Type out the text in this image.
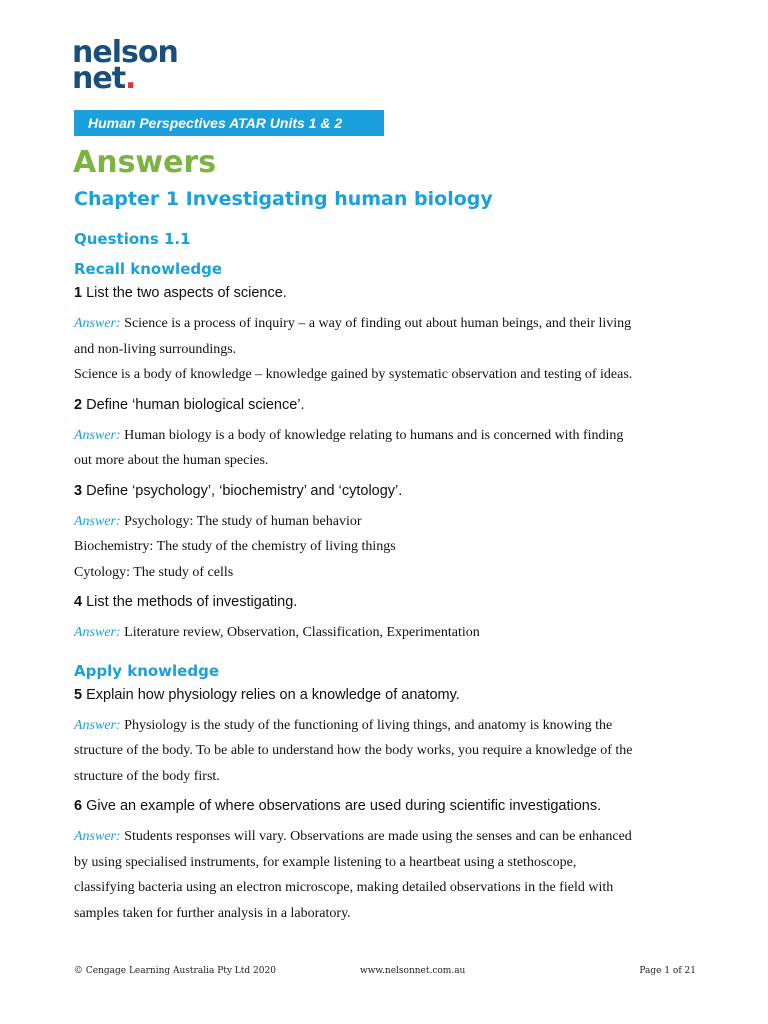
nelson
net.
Human Perspectives ATAR Units 1 & 2
Answers
Chapter 1 Investigating human biology
Questions 1.1
Recall knowledge

1 List the two aspects of science.

Answer: Science is a process of inquiry – a way of finding out about human beings, and their living
and non-living surroundings.
Science is a body of knowledge – knowledge gained by systematic observation and testing of ideas.

2 Define ‘human biological science’.

Answer: Human biology is a body of knowledge relating to humans and is concerned with finding
out more about the human species.

3 Define ‘psychology’, ‘biochemistry’ and ‘cytology’.

Answer: Psychology: The study of human behavior
Biochemistry: The study of the chemistry of living things
Cytology: The study of cells

4 List the methods of investigating.

Answer: Literature review, Observation, Classification, Experimentation

Apply knowledge

5 Explain how physiology relies on a knowledge of anatomy.

Answer: Physiology is the study of the functioning of living things, and anatomy is knowing the
structure of the body. To be able to understand how the body works, you require a knowledge of the
structure of the body first.

6 Give an example of where observations are used during scientific investigations.

Answer: Students responses will vary. Observations are made using the senses and can be enhanced
by using specialised instruments, for example listening to a heartbeat using a stethoscope,
classifying bacteria using an electron microscope, making detailed observations in the field with
samples taken for further analysis in a laboratory.

© Cengage Learning Australia Pty Ltd 2020	www.nelsonnet.com.au	Page 1 of 21
